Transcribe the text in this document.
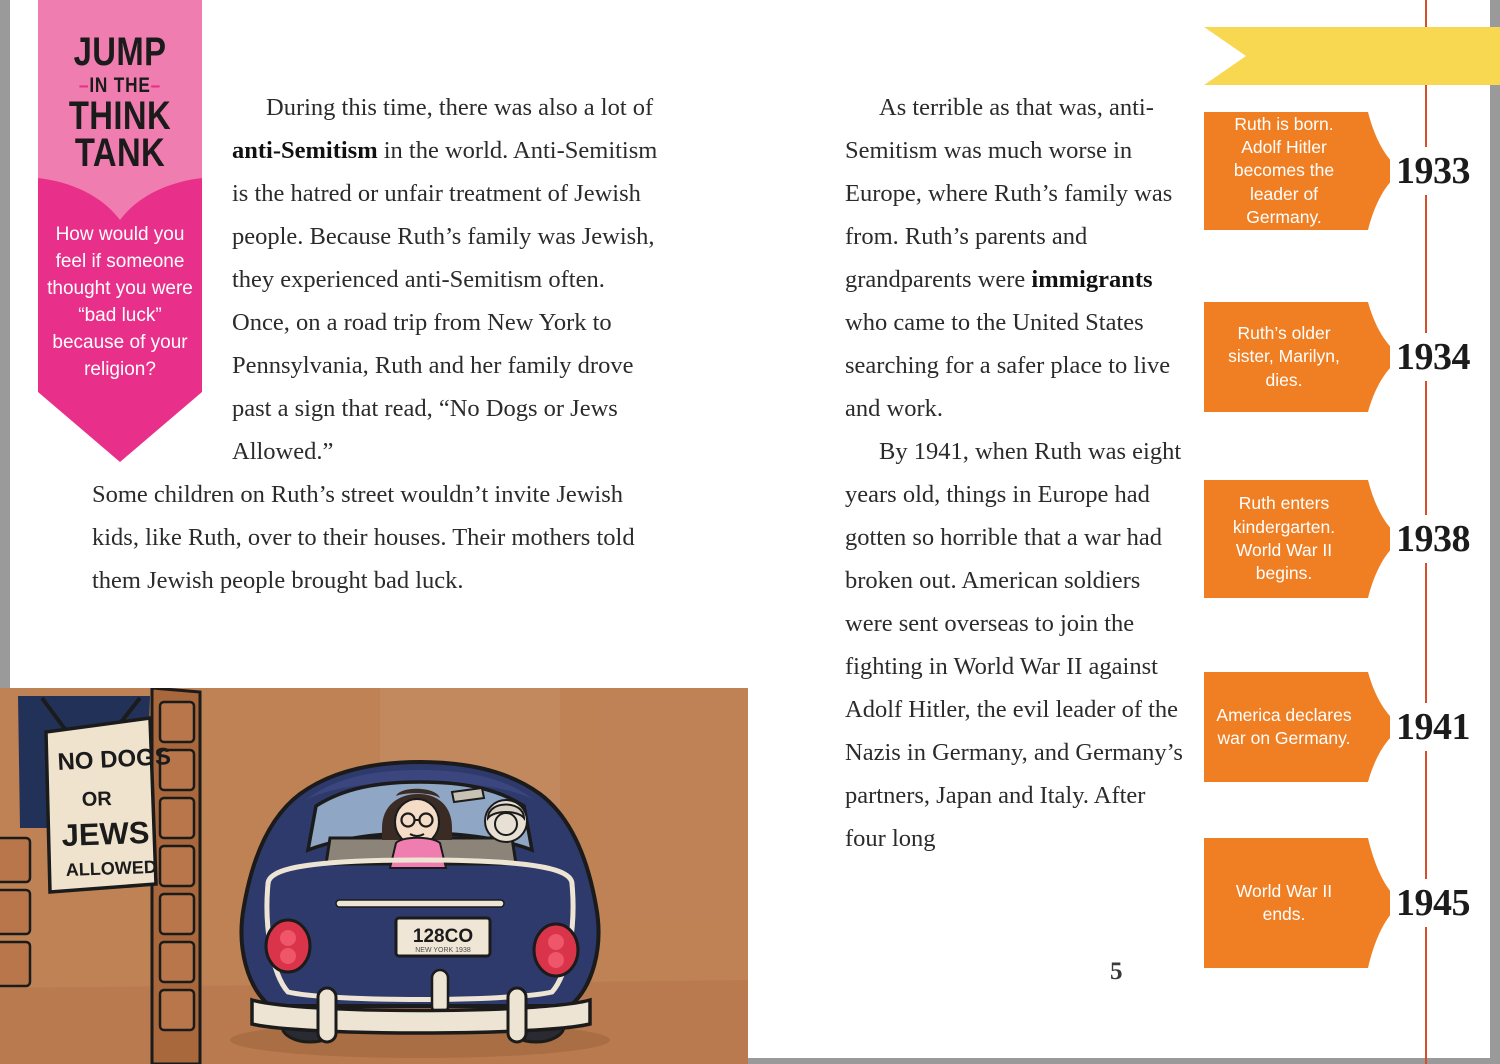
JUMP
–IN THE–
THINK
TANK
How would you feel if someone thought you were “bad luck” because of your religion?

During this time, there was also a lot of anti-Semitism in the world. Anti-Semitism is the hatred or unfair treatment of Jewish people. Because Ruth’s family was Jewish, they experienced anti-Semitism often. Once, on a road trip from New York to Pennsylvania, Ruth and her family drove past a sign that read, “No Dogs or Jews Allowed.”

Some children on Ruth’s street wouldn’t invite Jewish kids, like Ruth, over to their houses. Their mothers told them Jewish people brought bad luck.

As terrible as that was, anti-Semitism was much worse in Europe, where Ruth’s family was from. Ruth’s parents and grandparents were immigrants who came to the United States searching for a safer place to live and work.

By 1941, when Ruth was eight years old, things in Europe had gotten so horrible that a war had broken out. American soldiers were sent overseas to join the fighting in World War II against Adolf Hitler, the evil leader of the Nazis in Germany, and Germany’s partners, Japan and Italy. After four long

NO DOGS
OR
JEWS
ALLOWED
128CO
NEW YORK 1938
Ruth is born. Adolf Hitler becomes the leader of Germany.
1933
Ruth’s older sister, Marilyn, dies.
1934
Ruth enters kindergarten. World War II begins.
1938
America declares war on Germany. 1941
World War II ends.	1945
5
